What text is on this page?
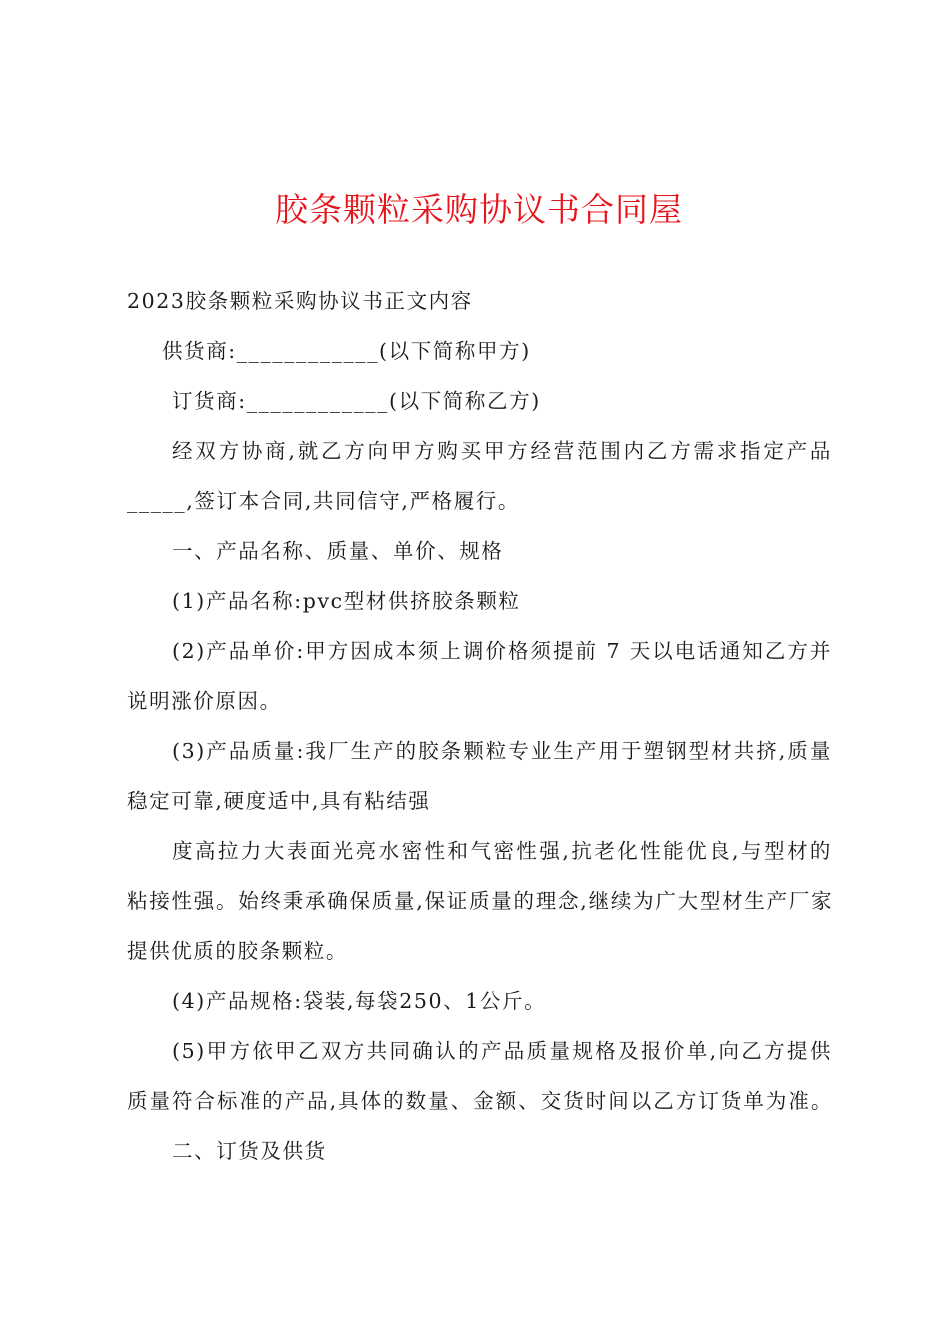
胶条颗粒采购协议书合同屋
2023胶条颗粒采购协议书正文内容
供货商:____________(以下简称甲方)
订货商:____________(以下简称乙方)
经双方协商,就乙方向甲方购买甲方经营范围内乙方需求指定产品
_____,签订本合同,共同信守,严格履行。
一、产品名称、质量、单价、规格
(1)产品名称:pvc型材供挤胶条颗粒
(2)产品单价:甲方因成本须上调价格须提前 7 天以电话通知乙方并
说明涨价原因。
(3)产品质量:我厂生产的胶条颗粒专业生产用于塑钢型材共挤,质量
稳定可靠,硬度适中,具有粘结强
度高拉力大表面光亮水密性和气密性强,抗老化性能优良,与型材的
粘接性强。始终秉承确保质量,保证质量的理念,继续为广大型材生产厂家
提供优质的胶条颗粒。
(4)产品规格:袋装,每袋250、1公斤。
(5)甲方依甲乙双方共同确认的产品质量规格及报价单,向乙方提供
质量符合标准的产品,具体的数量、金额、交货时间以乙方订货单为准。
二、订货及供货
